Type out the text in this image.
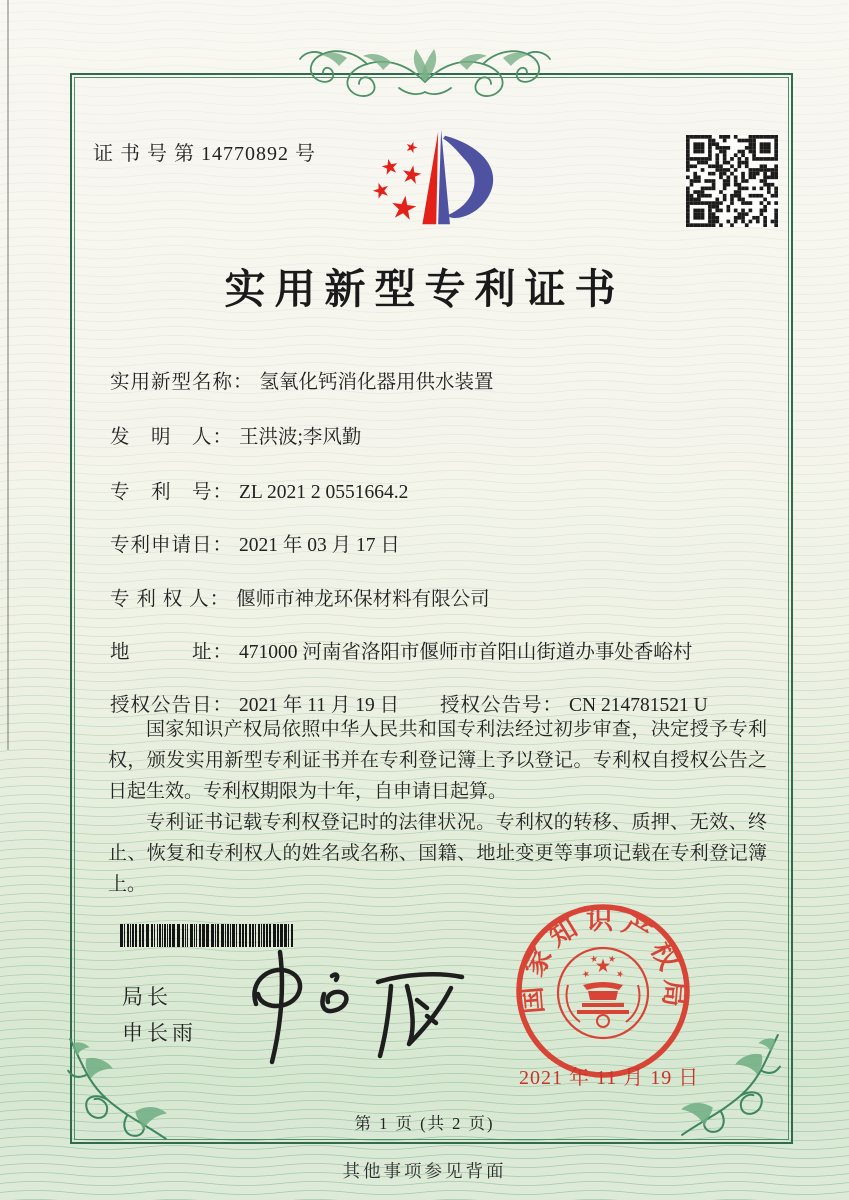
证 书 号 第 14770892 号
实用新型专利证书
实用新型名称： 氢氧化钙消化器用供水装置
发　明　人： 王洪波;李风勤
专　利　号： ZL 2021 2 0551664.2
专利申请日： 2021 年 03 月 17 日
专 利 权 人： 偃师市神龙环保材料有限公司
地　　　址： 471000 河南省洛阳市偃师市首阳山街道办事处香峪村
授权公告日： 2021 年 11 月 19 日 授权公告号： CN 214781521 U

国家知识产权局依照中华人民共和国专利法经过初步审查，决定授予专利权，颁发实用新型专利证书并在专利登记簿上予以登记。专利权自授权公告之日起生效。专利权期限为十年，自申请日起算。

专利证书记载专利权登记时的法律状况。专利权的转移、质押、无效、终止、恢复和专利权人的姓名或名称、国籍、地址变更等事项记载在专利登记簿上。

局长
申长雨
国家知识产权局
2021 年 11 月 19 日
第 1 页 (共 2 页)
其他事项参见背面
